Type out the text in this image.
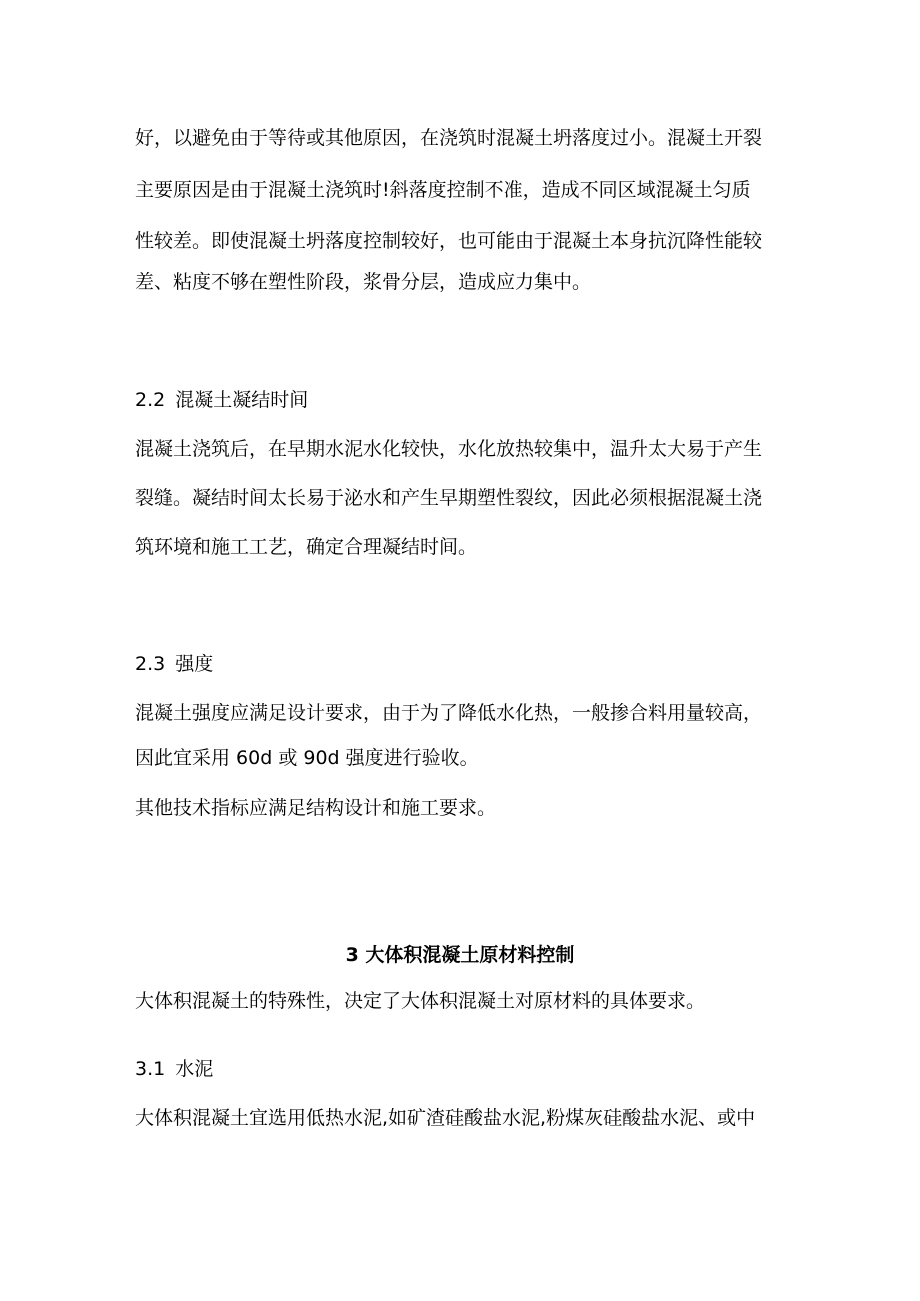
好，以避免由于等待或其他原因，在浇筑时混凝土坍落度过小。混凝土开裂
主要原因是由于混凝土浇筑时!斜落度控制不准，造成不同区域混凝土匀质
性较差。即使混凝土坍落度控制较好，也可能由于混凝土本身抗沉降性能较
差、粘度不够在塑性阶段，浆骨分层，造成应力集中。
2.2 混凝土凝结时间
混凝土浇筑后，在早期水泥水化较快，水化放热较集中，温升太大易于产生
裂缝。凝结时间太长易于泌水和产生早期塑性裂纹，因此必须根据混凝土浇
筑环境和施工工艺，确定合理凝结时间。
2.3 强度
混凝土强度应满足设计要求，由于为了降低水化热，一般掺合料用量较高，
因此宜采用 60d 或 90d 强度进行验收。
其他技术指标应满足结构设计和施工要求。
3 大体积混凝土原材料控制
大体积混凝土的特殊性，决定了大体积混凝土对原材料的具体要求。
3.1 水泥
大体积混凝土宜选用低热水泥,如矿渣硅酸盐水泥,粉煤灰硅酸盐水泥、或中
